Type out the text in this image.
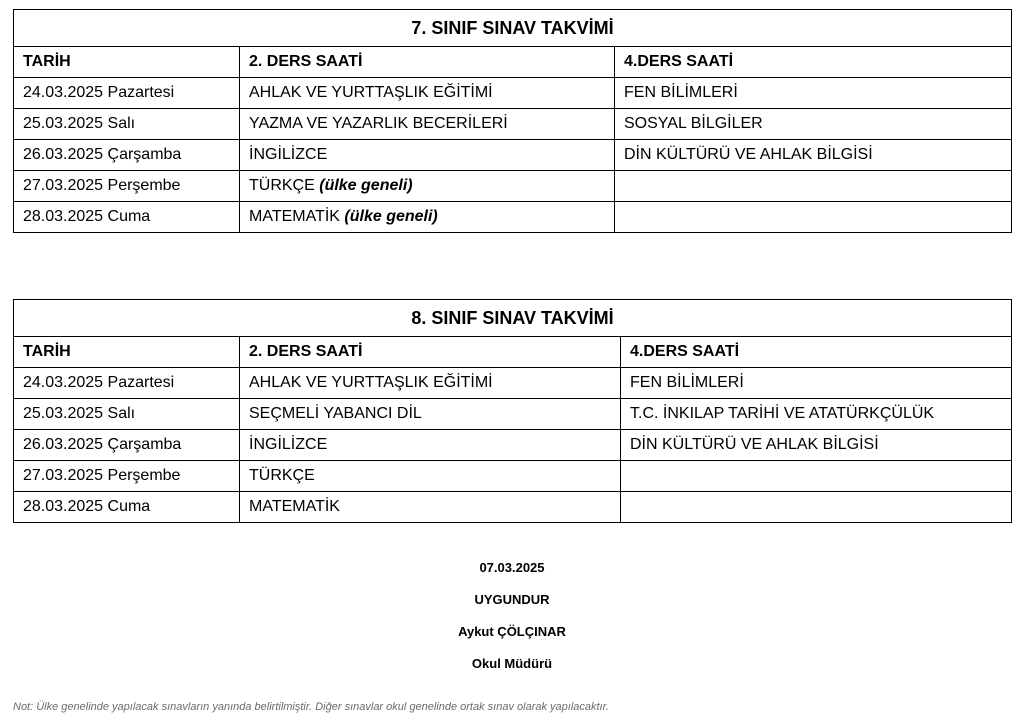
7. SINIF SINAV TAKVİMİ		
TARİH	2. DERS SAATİ	4.DERS SAATİ
24.03.2025 Pazartesi	AHLAK VE YURTTAŞLIK EĞİTİMİ	FEN BİLİMLERİ
25.03.2025 Salı	YAZMA VE YAZARLIK BECERİLERİ	SOSYAL BİLGİLER
26.03.2025 Çarşamba	İNGİLİZCE	DİN KÜLTÜRÜ VE AHLAK BİLGİSİ
27.03.2025 Perşembe	TÜRKÇE (ülke geneli)	
28.03.2025 Cuma	MATEMATİK (ülke geneli)	
8. SINIF SINAV TAKVİMİ		
TARİH	2. DERS SAATİ	4.DERS SAATİ
24.03.2025 Pazartesi	AHLAK VE YURTTAŞLIK EĞİTİMİ	FEN BİLİMLERİ
25.03.2025 Salı	SEÇMELİ YABANCI DİL	T.C. İNKILAP TARİHİ VE ATATÜRKÇÜLÜK
26.03.2025 Çarşamba	İNGİLİZCE	DİN KÜLTÜRÜ VE AHLAK BİLGİSİ
27.03.2025 Perşembe	TÜRKÇE	
28.03.2025 Cuma	MATEMATİK	
07.03.2025
UYGUNDUR
Aykut ÇÖLÇINAR
Okul Müdürü
Not: Ülke genelinde yapılacak sınavların yanında belirtilmiştir. Diğer sınavlar okul genelinde ortak sınav olarak yapılacaktır.
